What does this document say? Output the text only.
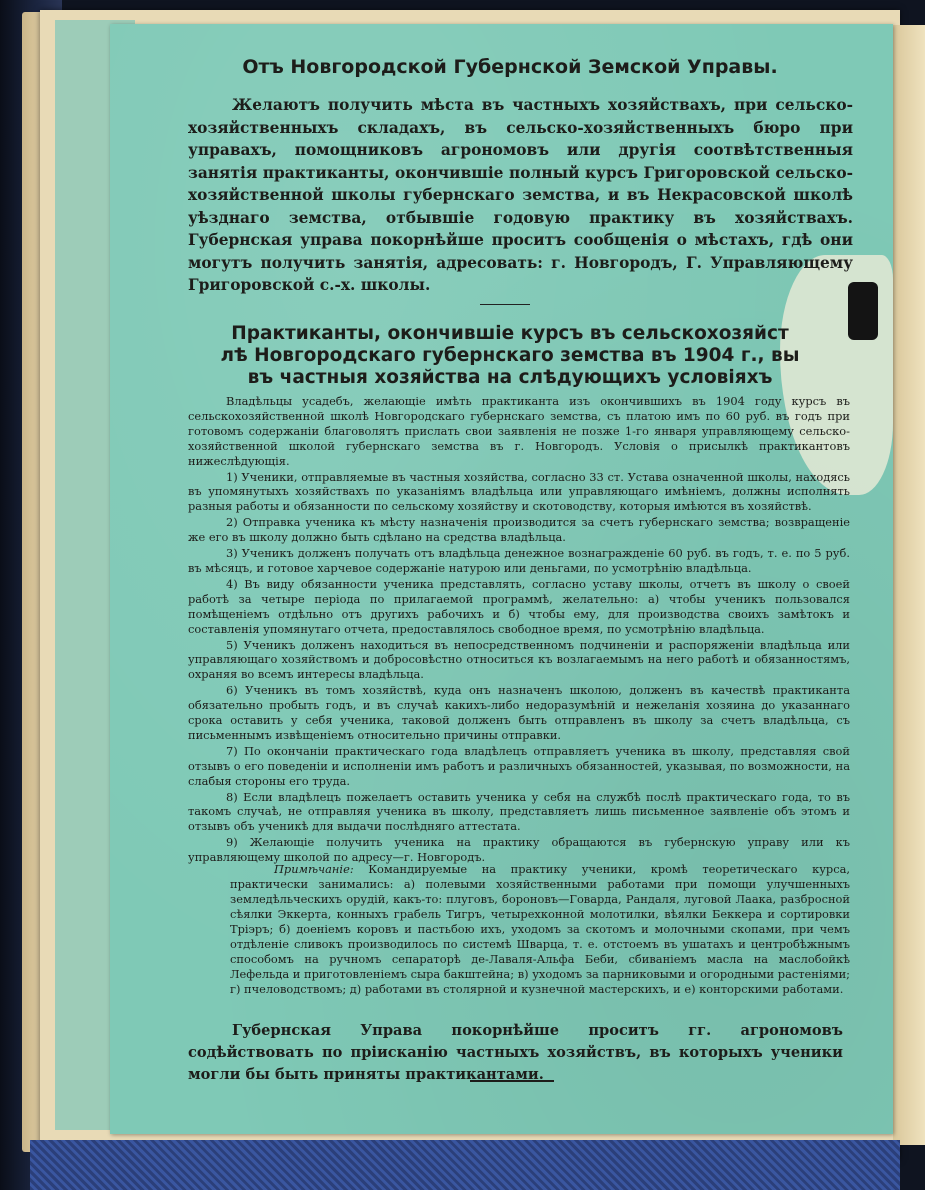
Отъ Новгородской Губернской Земской Управы.
Желаютъ получить мѣста въ частныхъ хозяйствахъ, при сельско-хозяйственныхъ складахъ, въ сельско-хозяйственныхъ бюро при управахъ, помощниковъ агрономовъ или другія соотвѣтственныя занятія практиканты, окончившіе полный курсъ Григоровской сельско-хозяйственной школы губернскаго земства, и въ Некрасовской школѣ уѣзднаго земства, отбывшіе годовую практику въ хозяйствахъ. Губернская управа покорнѣйше проситъ сообщенія о мѣстахъ, гдѣ они могутъ получить занятія, адресовать: г. Новгородъ, Г. Управляющему Григоровской с.-х. школы.
Практиканты, окончившіе курсъ въ сельскохозяйст
лѣ Новгородскаго губернскаго земства въ 1904 г., вы
въ частныя хозяйства на слѣдующихъ условіяхъ

Владѣльцы усадебъ, желающіе имѣть практиканта изъ окончившихъ въ 1904 году курсъ въ сельскохозяйственной школѣ Новгородскаго губернскаго земства, съ платою имъ по 60 руб. въ годъ при готовомъ содержаніи благоволятъ прислать свои заявленія не позже 1-го января управляющему сельско-хозяйственной школой губернскаго земства въ г. Новгородъ. Условія о присылкѣ практикантовъ нижеслѣдующія.

1) Ученики, отправляемые въ частныя хозяйства, согласно 33 ст. Устава означенной школы, находясь въ упомянутыхъ хозяйствахъ по указаніямъ владѣльца или управляющаго имѣніемъ, должны исполнять разныя работы и обязанности по сельскому хозяйству и скотоводству, которыя имѣются въ хозяйствѣ.

2) Отправка ученика къ мѣсту назначенія производится за счетъ губернскаго земства; возвращеніе же его въ школу должно быть сдѣлано на средства владѣльца.

3) Ученикъ долженъ получать отъ владѣльца денежное вознагражденіе 60 руб. въ годъ, т. е. по 5 руб. въ мѣсяцъ, и готовое харчевое содержаніе натурою или деньгами, по усмотрѣнію владѣльца.

4) Въ виду обязанности ученика представлять, согласно уставу школы, отчетъ въ школу о своей работѣ за четыре періода по прилагаемой программѣ, желательно: а) чтобы ученикъ пользовался помѣщеніемъ отдѣльно отъ другихъ рабочихъ и б) чтобы ему, для производства своихъ замѣтокъ и составленія упомянутаго отчета, предоставлялось свободное время, по усмотрѣнію владѣльца.

5) Ученикъ долженъ находиться въ непосредственномъ подчиненіи и распоряженіи владѣльца или управляющаго хозяйствомъ и добросовѣстно относиться къ возлагаемымъ на него работѣ и обязанностямъ, охраняя во всемъ интересы владѣльца.

6) Ученикъ въ томъ хозяйствѣ, куда онъ назначенъ школою, долженъ въ качествѣ практиканта обязательно пробыть годъ, и въ случаѣ какихъ-либо недоразумѣній и нежеланія хозяина до указаннаго срока оставить у себя ученика, таковой долженъ быть отправленъ въ школу за счетъ владѣльца, съ письменнымъ извѣщеніемъ относительно причины отправки.

7) По окончаніи практическаго года владѣлецъ отправляетъ ученика въ школу, представляя свой отзывъ о его поведеніи и исполненіи имъ работъ и различныхъ обязанностей, указывая, по возможности, на слабыя стороны его труда.

8) Если владѣлецъ пожелаетъ оставить ученика у себя на службѣ послѣ практическаго года, то въ такомъ случаѣ, не отправляя ученика въ школу, представляетъ лишь письменное заявленіе объ этомъ и отзывъ объ ученикѣ для выдачи послѣдняго аттестата.

9) Желающіе получить ученика на практику обращаются въ губернскую управу или къ управляющему школой по адресу—г. Новгородъ.

Примѣчаніе: Командируемые на практику ученики, кромѣ теоретическаго курса, практически занимались: а) полевыми хозяйственными работами при помощи улучшенныхъ земледѣльческихъ орудій, какъ-то: плуговъ, бороновъ—Говарда, Рандаля, луговой Лаака, разбросной сѣялки Эккерта, конныхъ грабель Тигръ, четырехконной молотилки, вѣялки Беккера и сортировки Тріэръ; б) доеніемъ коровъ и пастьбою ихъ, уходомъ за скотомъ и молочными скопами, при чемъ отдѣленіе сливокъ производилось по системѣ Шварца, т. е. отстоемъ въ ушатахъ и центробѣжнымъ способомъ на ручномъ сепараторѣ де-Лаваля-Альфа Беби, сбиваніемъ масла на маслобойкѣ Лефельда и приготовленіемъ сыра бакштейна; в) уходомъ за парниковыми и огородными растеніями; г) пчеловодствомъ; д) работами въ столярной и кузнечной мастерскихъ, и е) конторскими работами.
Губернская Управа покорнѣйше проситъ гг. агрономовъ содѣйствовать по пріисканію частныхъ хозяйствъ, въ которыхъ ученики могли бы быть приняты практикантами.
